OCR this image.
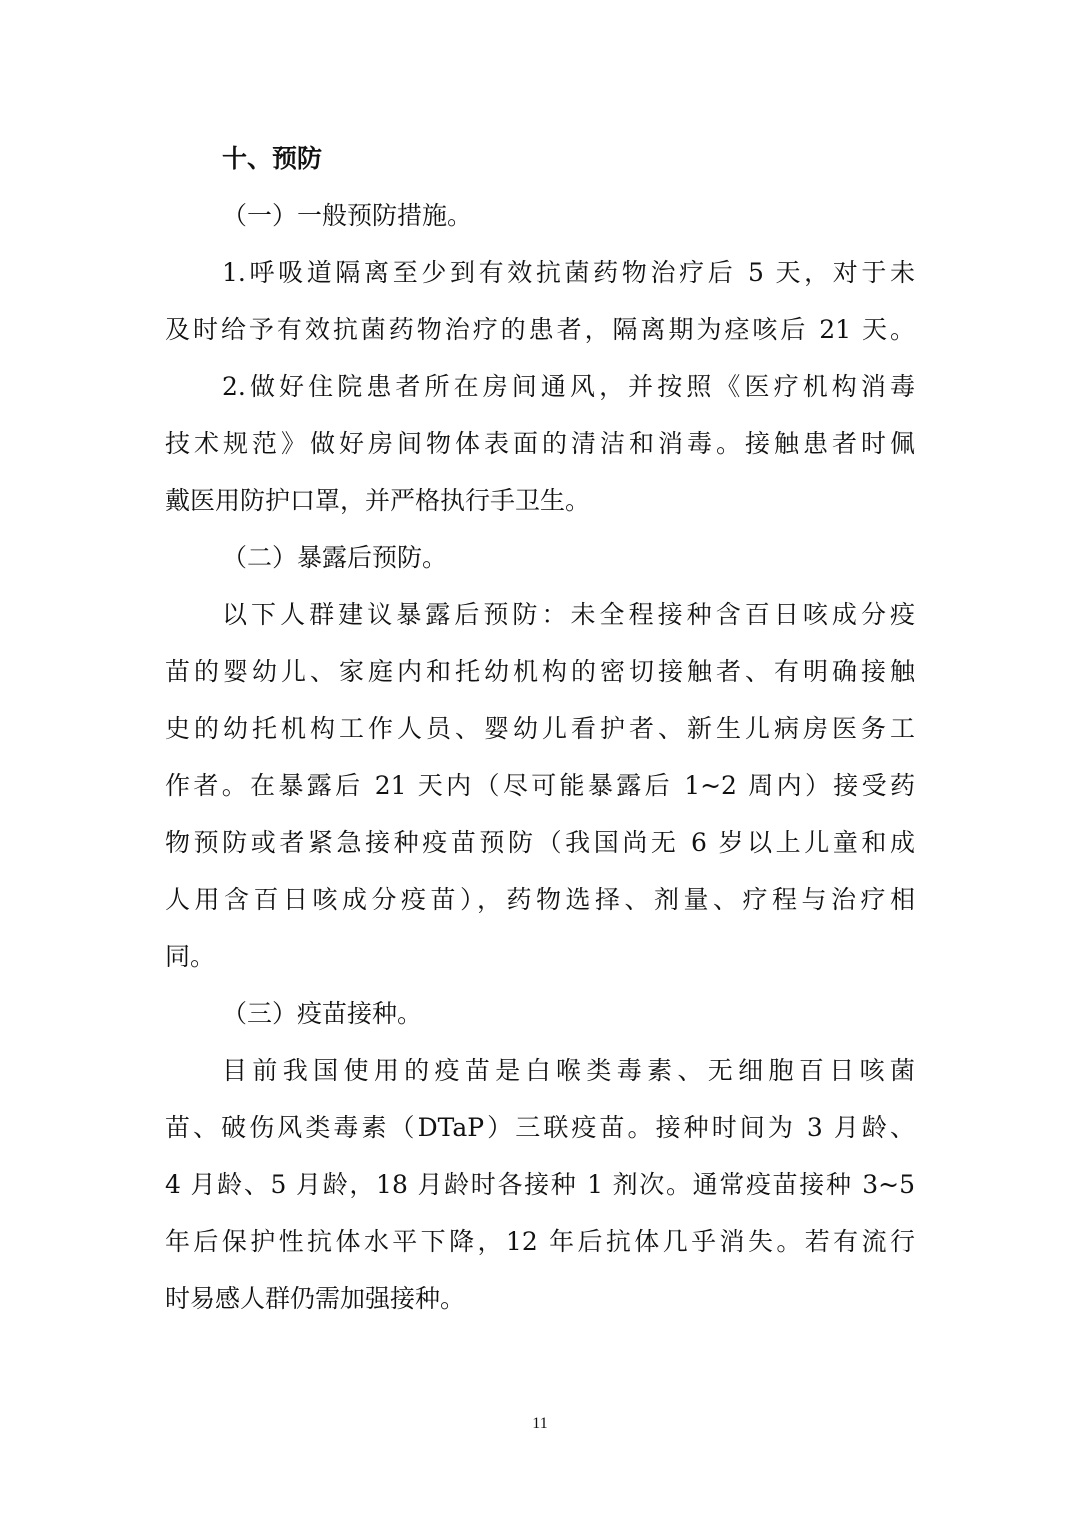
十、预防
（一）一般预防措施。
1.呼吸道隔离至少到有效抗菌药物治疗后 5 天，对于未
及时给予有效抗菌药物治疗的患者，隔离期为痉咳后 21 天。
2.做好住院患者所在房间通风，并按照《医疗机构消毒
技术规范》做好房间物体表面的清洁和消毒。接触患者时佩
戴医用防护口罩，并严格执行手卫生。
（二）暴露后预防。
以下人群建议暴露后预防：未全程接种含百日咳成分疫
苗的婴幼儿、家庭内和托幼机构的密切接触者、有明确接触
史的幼托机构工作人员、婴幼儿看护者、新生儿病房医务工
作者。在暴露后 21 天内（尽可能暴露后 1~2 周内）接受药
物预防或者紧急接种疫苗预防（我国尚无 6 岁以上儿童和成
人用含百日咳成分疫苗），药物选择、剂量、疗程与治疗相
同。
（三）疫苗接种。
目前我国使用的疫苗是白喉类毒素、无细胞百日咳菌
苗、破伤风类毒素（DTaP）三联疫苗。接种时间为 3 月龄、
4 月龄、5 月龄，18 月龄时各接种 1 剂次。通常疫苗接种 3~5
年后保护性抗体水平下降，12 年后抗体几乎消失。若有流行
时易感人群仍需加强接种。
11
